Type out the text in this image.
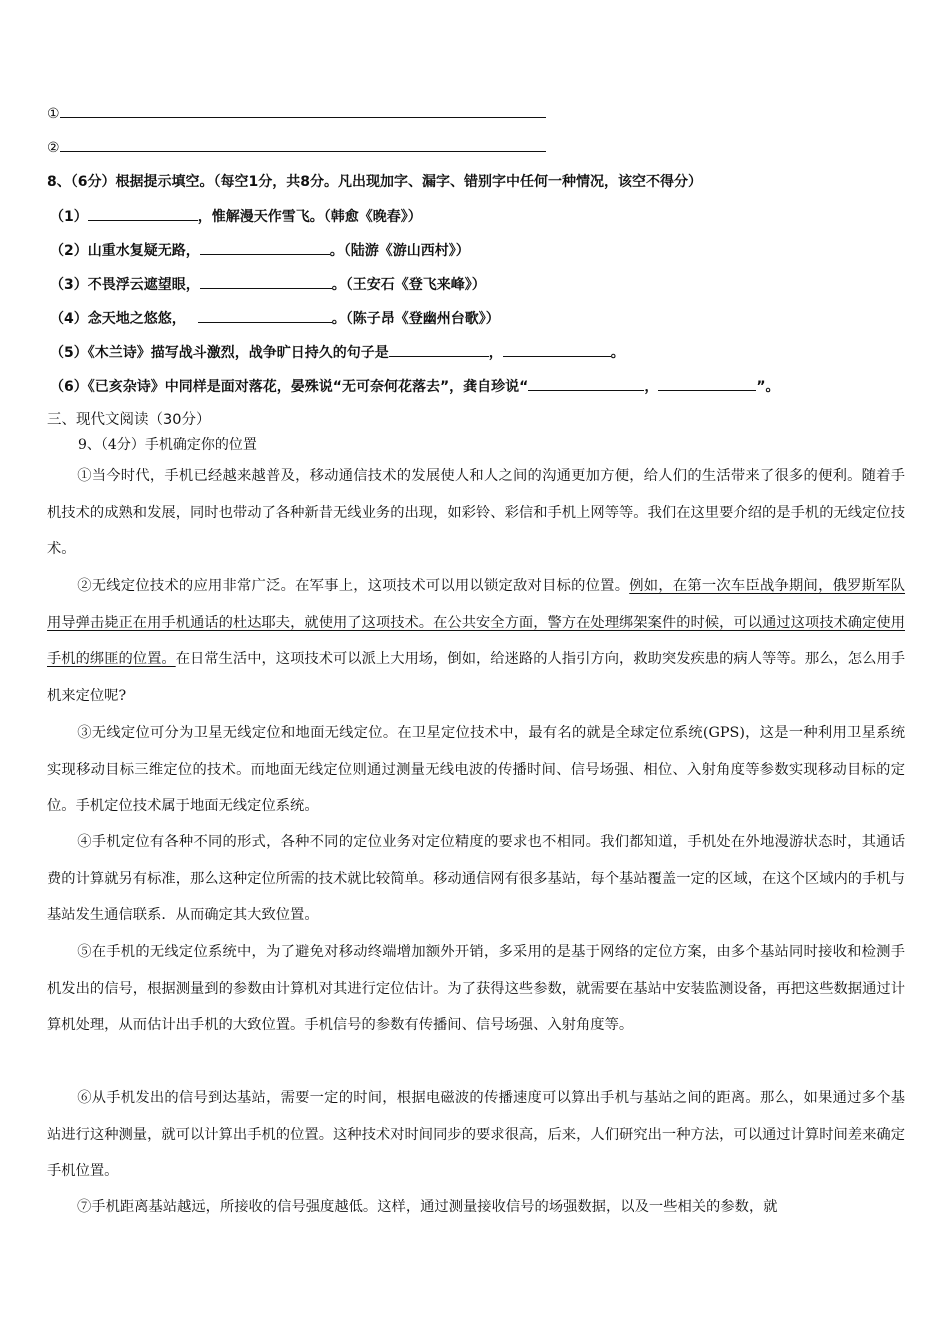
①
②
8、（6分）根据提示填空。（每空1分，共8分。凡出现加字、漏字、错别字中任何一种情况，该空不得分）
（1）	，惟解漫天作雪飞。（韩愈《晚春》）
（2）山重水复疑无路，	。（陆游《游山西村》）
（3）不畏浮云遮望眼，	。（王安石《登飞来峰》）
（4）念天地之悠悠，	。（陈子昂《登幽州台歌》）
（5）《木兰诗》描写战斗激烈，战争旷日持久的句子是	，	。
（6）《已亥杂诗》中同样是面对落花，晏殊说“无可奈何花落去”，龚自珍说“	，	”。
三、现代文阅读（30分）
9、（4分）手机确定你的位置
①当今时代，手机已经越来越普及，移动通信技术的发展使人和人之间的沟通更加方便，给人们的生活带来了很多的便利。随着手机技术的成熟和发展，同时也带动了各种新昔无线业务的出现，如彩铃、彩信和手机上网等等。我们在这里要介绍的是手机的无线定位技术。
②无线定位技术的应用非常广泛。在军事上，这项技术可以用以锁定敌对目标的位置。例如，在第一次车臣战争期间，俄罗斯军队用导弹击毙正在用手机通话的杜达耶夫，就使用了这项技术。在公共安全方面，警方在处理绑架案件的时候，可以通过这项技术确定使用手机的绑匪的位置。在日常生活中，这项技术可以派上大用场，倒如，给迷路的人指引方向，救助突发疾患的病人等等。那么，怎么用手机来定位呢?
③无线定位可分为卫星无线定位和地面无线定位。在卫星定位技术中，最有名的就是全球定位系统(GPS)，这是一种利用卫星系统实现移动目标三维定位的技术。而地面无线定位则通过测量无线电波的传播时间、信号场强、相位、入射角度等参数实现移动目标的定位。手机定位技术属于地面无线定位系统。
④手机定位有各种不同的形式，各种不同的定位业务对定位精度的要求也不相同。我们都知道，手机处在外地漫游状态时，其通话费的计算就另有标准，那么这种定位所需的技术就比较简单。移动通信网有很多基站，每个基站覆盖一定的区域，在这个区域内的手机与基站发生通信联系．从而确定其大致位置。
⑤在手机的无线定位系统中，为了避免对移动终端增加额外开销，多采用的是基于网络的定位方案，由多个基站同时接收和检测手机发出的信号，根据测量到的参数由计算机对其进行定位估计。为了获得这些参数，就需要在基站中安装监测设备，再把这些数据通过计算机处理，从而估计出手机的大致位置。手机信号的参数有传播间、信号场强、入射角度等。
⑥从手机发出的信号到达基站，需要一定的时间，根据电磁波的传播速度可以算出手机与基站之间的距离。那么，如果通过多个基站进行这种测量，就可以计算出手机的位置。这种技术对时间同步的要求很高，后来，人们研究出一种方法，可以通过计算时间差来确定手机位置。
⑦手机距离基站越远，所接收的信号强度越低。这样，通过测量接收信号的场强数据，以及一些相关的参数，就
